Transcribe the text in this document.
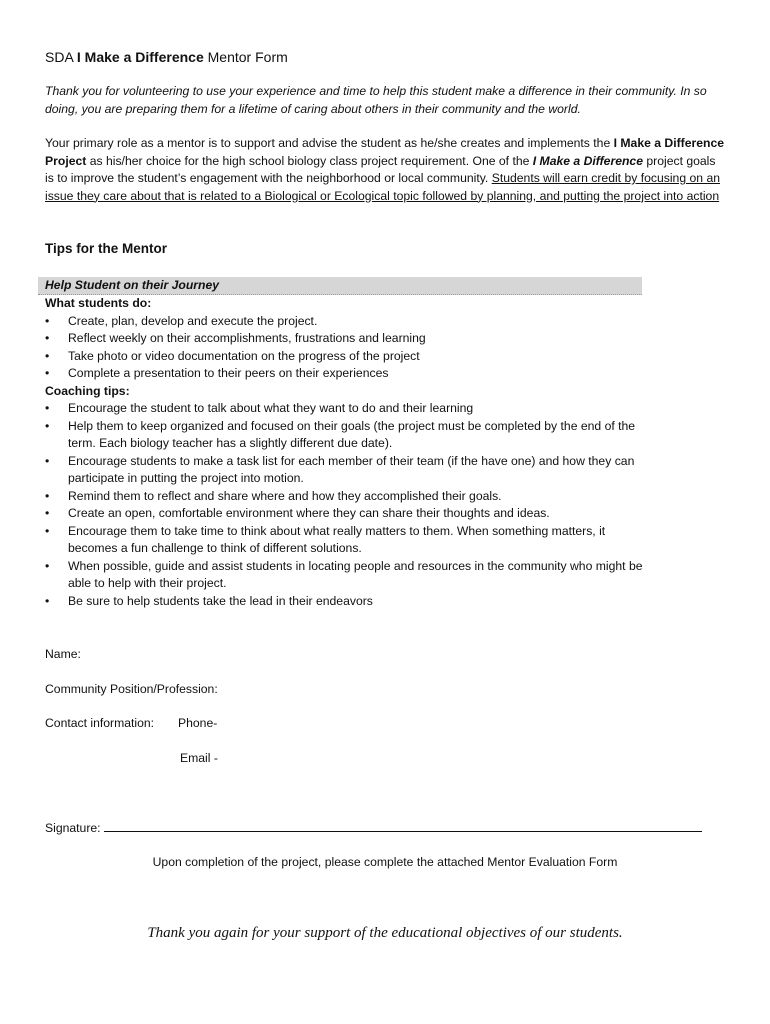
SDA I Make a Difference Mentor Form
Thank you for volunteering to use your experience and time to help this student make a difference in their community. In so doing, you are preparing them for a lifetime of caring about others in their community and the world.
Your primary role as a mentor is to support and advise the student as he/she creates and implements the I Make a Difference Project as his/her choice for the high school biology class project requirement. One of the I Make a Difference project goals is to improve the student’s engagement with the neighborhood or local community. Students will earn credit by focusing on an issue they care about that is related to a Biological or Ecological topic followed by planning, and putting the project into action
Tips for the Mentor
Help Student on their Journey
What students do:
• Create, plan, develop and execute the project.
• Reflect weekly on their accomplishments, frustrations and learning
• Take photo or video documentation on the progress of the project
• Complete a presentation to their peers on their experiences
Coaching tips:
• Encourage the student to talk about what they want to do and their learning
• Help them to keep organized and focused on their goals (the project must be completed by the end of the term. Each biology teacher has a slightly different due date).
• Encourage students to make a task list for each member of their team (if the have one) and how they can participate in putting the project into motion.
• Remind them to reflect and share where and how they accomplished their goals.
• Create an open, comfortable environment where they can share their thoughts and ideas.
• Encourage them to take time to think about what really matters to them. When something matters, it becomes a fun challenge to think of different solutions.
• When possible, guide and assist students in locating people and resources in the community who might be able to help with their project.
• Be sure to help students take the lead in their endeavors
Name:
Community Position/Profession:
Contact information: Phone-
Email -
Signature:
Upon completion of the project, please complete the attached Mentor Evaluation Form
Thank you again for your support of the educational objectives of our students.
